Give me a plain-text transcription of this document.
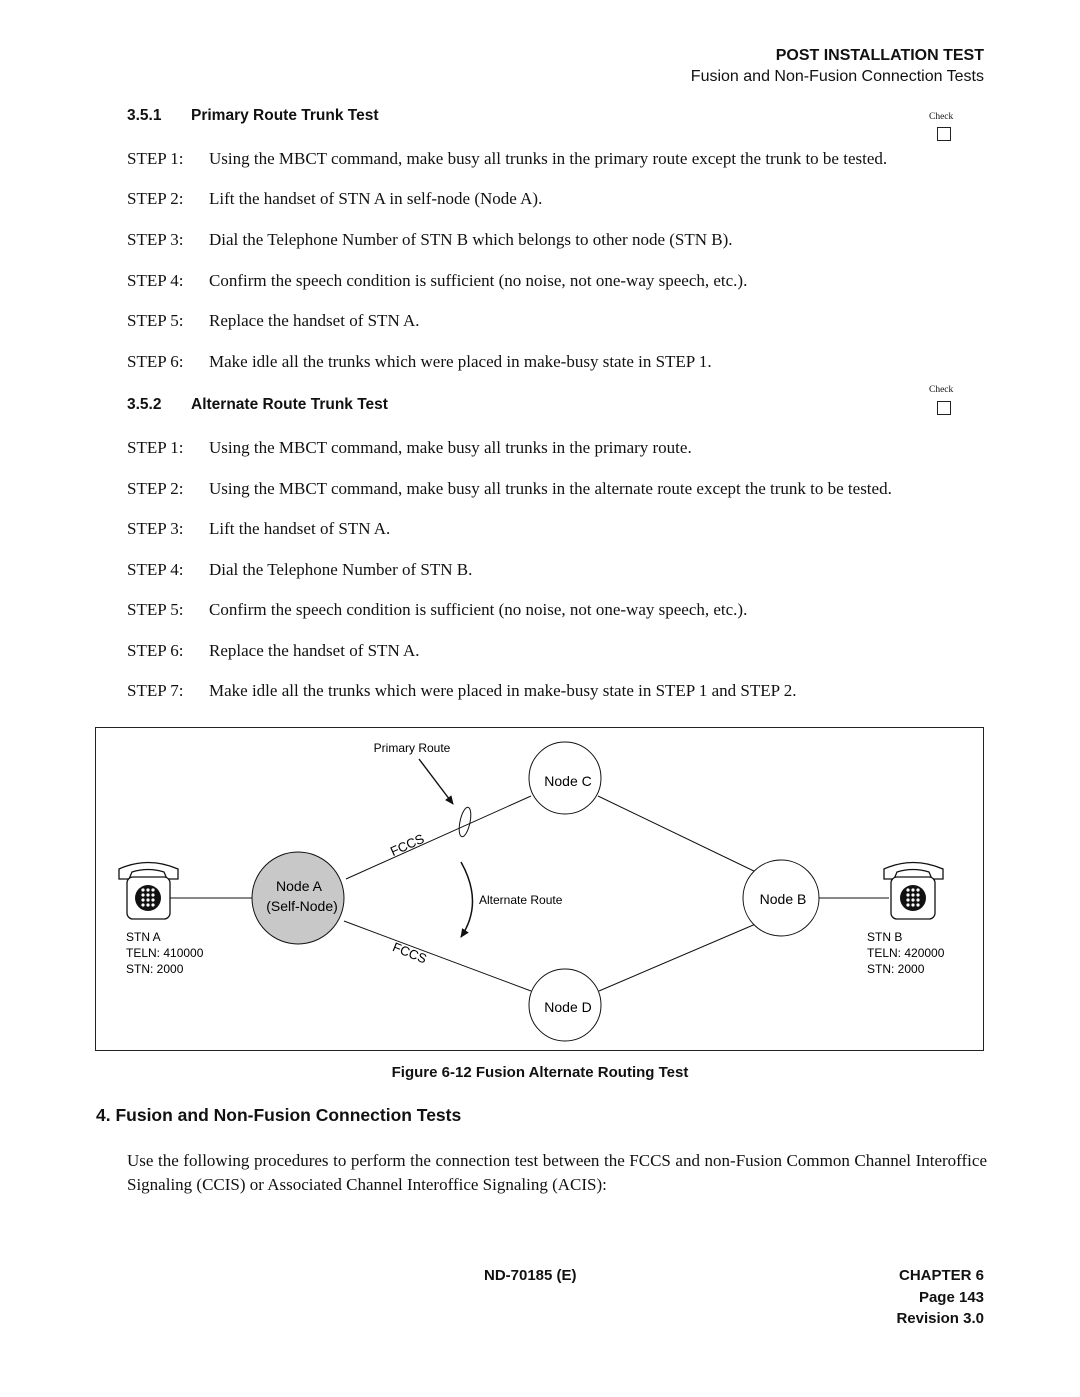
POST INSTALLATION TEST
Fusion and Non-Fusion Connection Tests
3.5.1 Primary Route Trunk Test	Check
STEP 1: Using the MBCT command, make busy all trunks in the primary route except the trunk to be tested.
STEP 2: Lift the handset of STN A in self-node (Node A).
STEP 3: Dial the Telephone Number of STN B which belongs to other node (STN B).
STEP 4: Confirm the speech condition is sufficient (no noise, not one-way speech, etc.).
STEP 5: Replace the handset of STN A.
STEP 6: Make idle all the trunks which were placed in make-busy state in STEP 1.
Check
3.5.2 Alternate Route Trunk Test
STEP 1: Using the MBCT command, make busy all trunks in the primary route.
STEP 2: Using the MBCT command, make busy all trunks in the alternate route except the trunk to be tested.
STEP 3: Lift the handset of STN A.
STEP 4: Dial the Telephone Number of STN B.
STEP 5: Confirm the speech condition is sufficient (no noise, not one-way speech, etc.).
STEP 6: Replace the handset of STN A.
STEP 7: Make idle all the trunks which were placed in make-busy state in STEP 1 and STEP 2.
Node C
Node D
Node B
Node A
(Self-Node)
Primary Route
FCCS
FCCS
Alternate Route
STN A
TELN: 410000
STN: 2000
STN B
TELN: 420000
STN: 2000
Figure 6-12 Fusion Alternate Routing Test
4. Fusion and Non-Fusion Connection Tests
Use the following procedures to perform the connection test between the FCCS and non-Fusion Common Channel Interoffice Signaling (CCIS) or Associated Channel Interoffice Signaling (ACIS):
ND-70185 (E)	CHAPTER 6
Page 143
Revision 3.0
